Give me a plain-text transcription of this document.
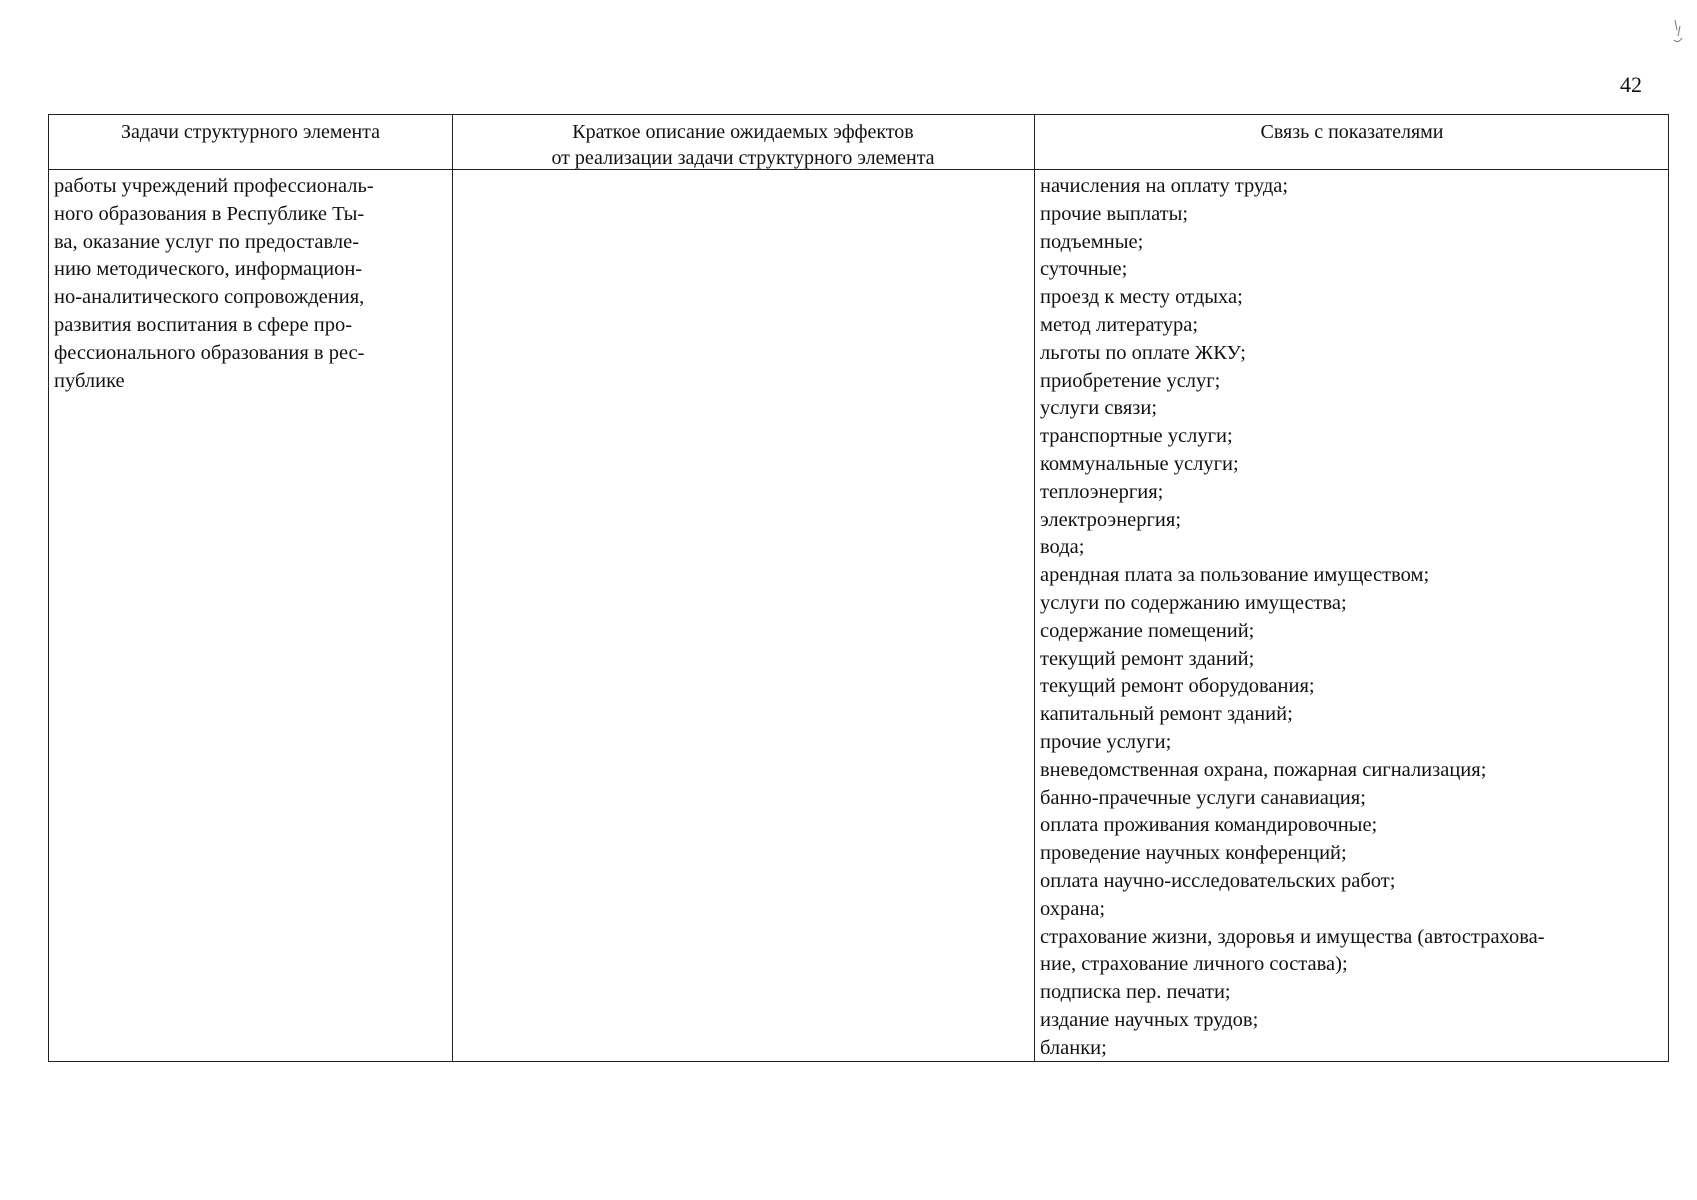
42
Задачи структурного элемента	Краткое описание ожидаемых эффектов
от реализации задачи структурного элемента
Связь с показателями
работы учреждений профессиональ-
ного образования в Республике Ты-
ва, оказание услуг по предоставле-
нию методического, информацион-
но-аналитического сопровождения,
развития воспитания в сфере про-
фессионального образования в рес-
публике
начисления на оплату труда;
прочие выплаты;
подъемные;
суточные;
проезд к месту отдыха;
метод литература;
льготы по оплате ЖКУ;
приобретение услуг;
услуги связи;
транспортные услуги;
коммунальные услуги;
теплоэнергия;
электроэнергия;
вода;
арендная плата за пользование имуществом;
услуги по содержанию имущества;
содержание помещений;
текущий ремонт зданий;
текущий ремонт оборудования;
капитальный ремонт зданий;
прочие услуги;
вневедомственная охрана, пожарная сигнализация;
банно-прачечные услуги санавиация;
оплата проживания командировочные;
проведение научных конференций;
оплата научно-исследовательских работ;
охрана;
страхование жизни, здоровья и имущества (автострахова-
ние, страхование личного состава);
подписка пер. печати;
издание научных трудов;
бланки;
